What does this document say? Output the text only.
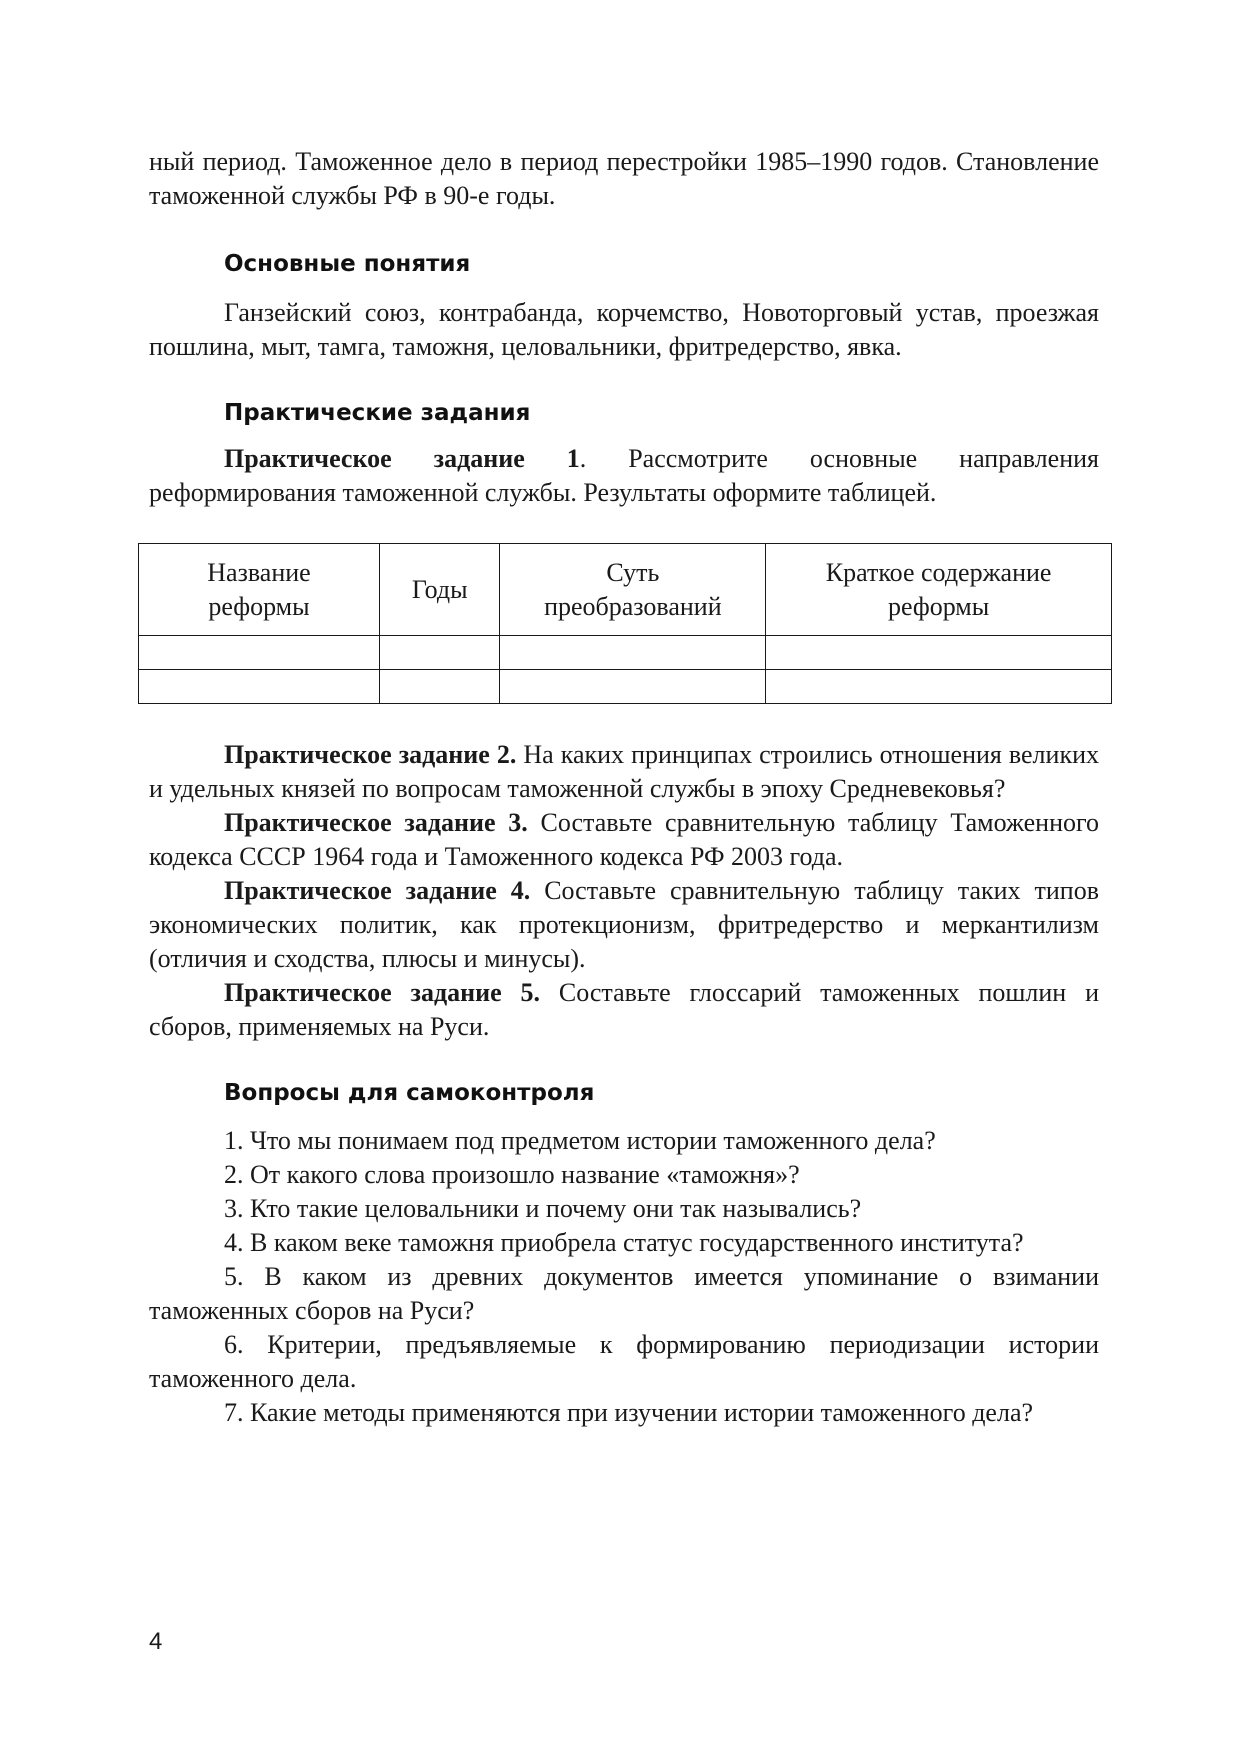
ный период. Таможенное дело в период перестройки 1985–1990 годов. Становление таможенной службы РФ в 90-е годы.

Основные понятия

Ганзейский союз, контрабанда, корчемство, Новоторговый устав, проезжая пошлина, мыт, тамга, таможня, целовальники, фритредерство, явка.

Практические задания

Практическое задание 1. Рассмотрите основные направления реформирования таможенной службы. Результаты оформите таблицей.

Название реформы	Годы	Суть преобразований	Краткое содержание реформы

Практическое задание 2. На каких принципах строились отношения великих и удельных князей по вопросам таможенной службы в эпоху Средневековья?

Практическое задание 3. Составьте сравнительную таблицу Таможенного кодекса СССР 1964 года и Таможенного кодекса РФ 2003 года.

Практическое задание 4. Составьте сравнительную таблицу таких типов экономических политик, как протекционизм, фритредерство и меркантилизм (отличия и сходства, плюсы и минусы).

Практическое задание 5. Составьте глоссарий таможенных пошлин и сборов, применяемых на Руси.

Вопросы для самоконтроля

1. Что мы понимаем под предметом истории таможенного дела?

2. От какого слова произошло название «таможня»?

3. Кто такие целовальники и почему они так назывались?

4. В каком веке таможня приобрела статус государственного института?

5. В каком из древних документов имеется упоминание о взимании таможенных сборов на Руси?

6. Критерии, предъявляемые к формированию периодизации истории таможенного дела.

7. Какие методы применяются при изучении истории таможенного дела?

4
